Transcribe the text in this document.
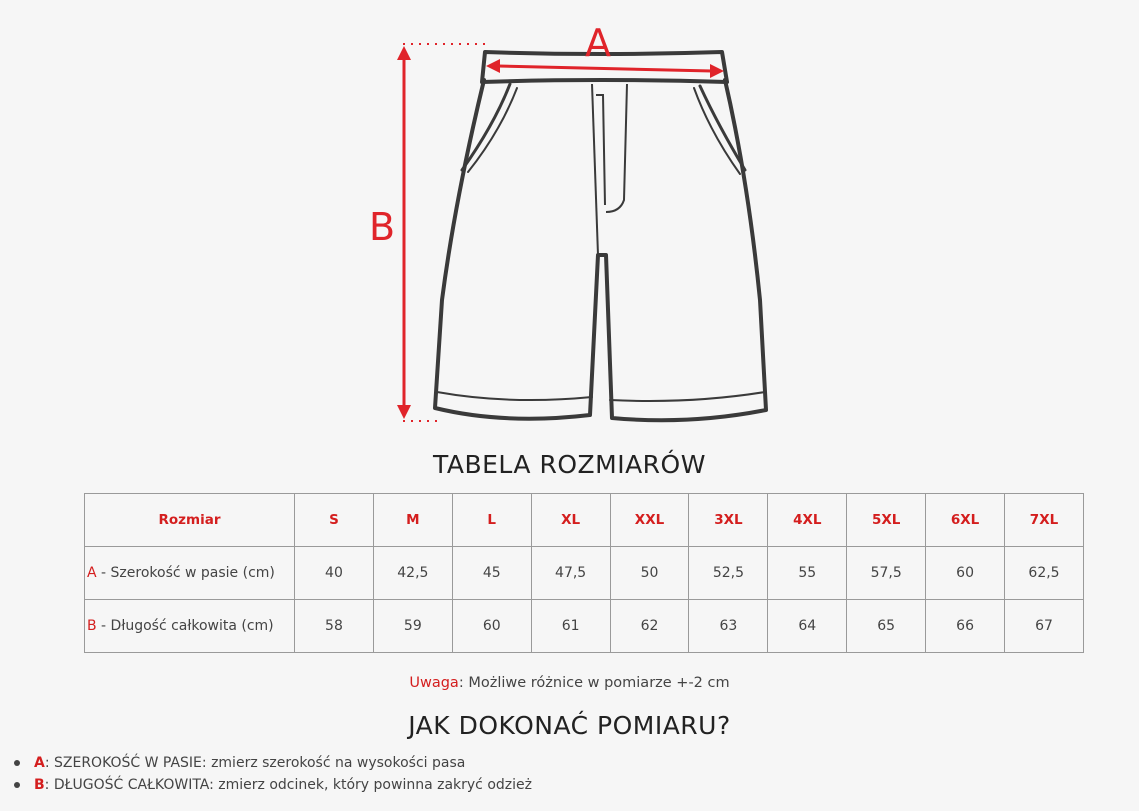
A
B
TABELA ROZMIARÓW
Rozmiar	S	M	L	XL	XXL	3XL	4XL	5XL	6XL	7XL
A - Szerokość w pasie (cm)	40	42,5	45	47,5	50	52,5	55	57,5	60	62,5
B - Długość całkowita (cm)	58	59	60	61	62	63	64	65	66	67
Uwaga: Możliwe różnice w pomiarze +-2 cm
JAK DOKONAĆ POMIARU?
A: SZEROKOŚĆ W PASIE: zmierz szerokość na wysokości pasa
B: DŁUGOŚĆ CAŁKOWITA: zmierz odcinek, który powinna zakryć odzież
